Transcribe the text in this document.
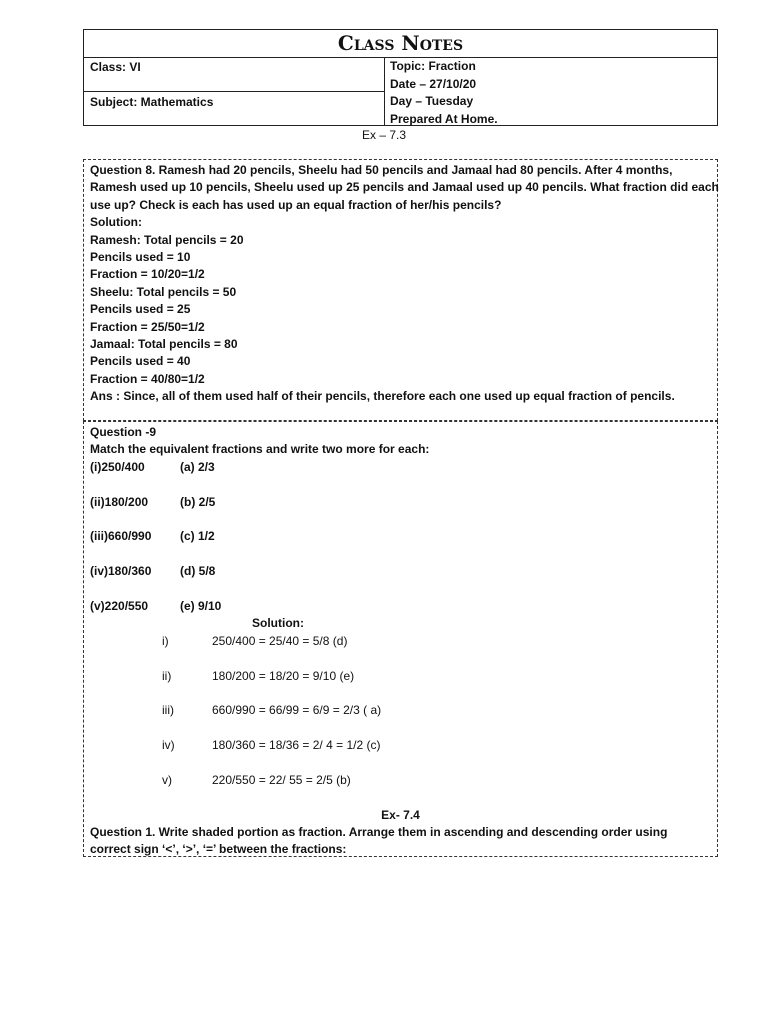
Class Notes
Class: VI
Subject: Mathematics
Topic: Fraction
Date – 27/10/20
Day – Tuesday
Prepared At Home.
Ex – 7.3
Question 8. Ramesh had 20 pencils, Sheelu had 50 pencils and Jamaal had 80 pencils. After 4 months,
Ramesh used up 10 pencils, Sheelu used up 25 pencils and Jamaal used up 40 pencils. What fraction did each
use up? Check is each has used up an equal fraction of her/his pencils?
Solution:
Ramesh: Total pencils = 20
Pencils used = 10
Fraction = 10/20=1/2
Sheelu: Total pencils = 50
Pencils used = 25
Fraction = 25/50=1/2
Jamaal: Total pencils = 80
Pencils used = 40
Fraction = 40/80=1/2
Ans : Since, all of them used half of their pencils, therefore each one used up equal fraction of pencils.
Question -9
Match the equivalent fractions and write two more for each:
(i)250/400	(a) 2/3
(ii)180/200	(b) 2/5
(iii)660/990 (c) 1/2
(iv)180/360 (d) 5/8
(v)220/550	(e) 9/10
Solution:
i)	250/400 = 25/40 = 5/8 (d)
ii)	180/200 = 18/20 = 9/10 (e)
iii)	660/990 = 66/99 = 6/9 = 2/3 ( a)
iv)	180/360 = 18/36 = 2/ 4 = 1/2 (c)
v)	220/550 = 22/ 55 = 2/5 (b)
Ex- 7.4
Question 1. Write shaded portion as fraction. Arrange them in ascending and descending order using
correct sign ‘<’, ‘>’, ‘=’ between the fractions:
